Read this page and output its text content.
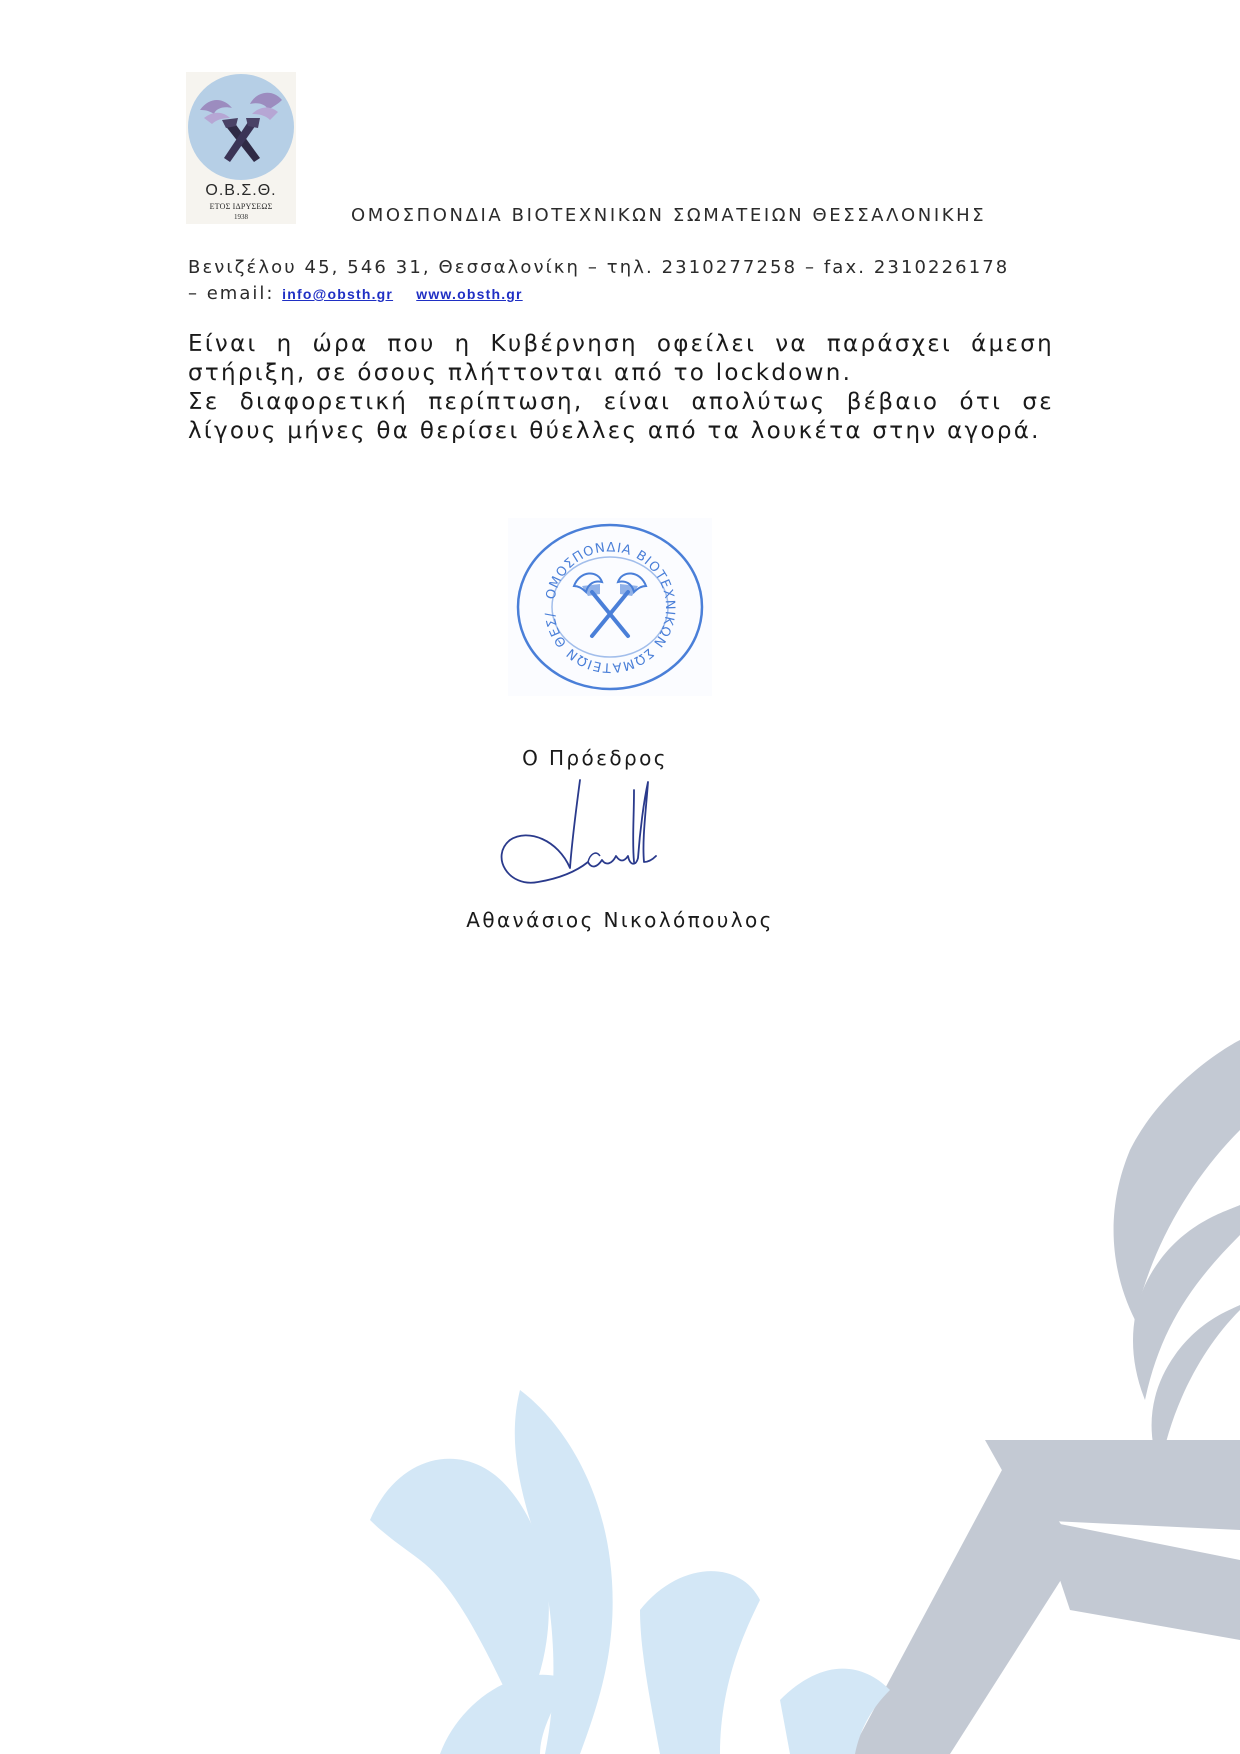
Ο.Β.Σ.Θ.
ΕΤΟΣ ΙΔΡΥΣΕΩΣ
1938	ΟΜΟΣΠΟΝΔΙΑ ΒΙΟΤΕΧΝΙΚΩΝ ΣΩΜΑΤΕΙΩΝ ΘΕΣΣΑΛΟΝΙΚΗΣ
Βενιζέλου 45, 546 31, Θεσσαλονίκη – τηλ. 2310277258 – fax. 2310226178
– email: info@obsth.gr www.obsth.gr
Είναι η ώρα που η Κυβέρνηση οφείλει να παράσχει άμεση
στήριξη, σε όσους πλήττονται από το lockdown.
Σε διαφορετική περίπτωση, είναι απολύτως βέβαιο ότι σε
λίγους μήνες θα θερίσει θύελλες από τα λουκέτα στην αγορά.
ΟΜΟΣΠΟΝΔΙΑ ΒΙΟΤΕΧΝΙΚΩΝ ΣΩΜΑΤΕΙΩΝ ΘΕΣ/
Ο Πρόεδρος
Αθανάσιος Νικολόπουλος
